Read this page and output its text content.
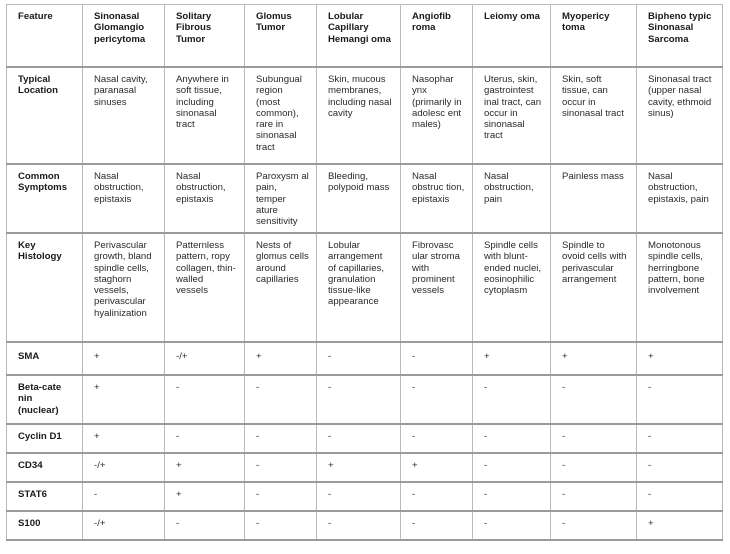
Feature	Sinonasal Glomangio pericytoma	Solitary Fibrous Tumor	Glomus Tumor	Lobular Capillary Hemangi oma	Angiofib roma	Leiomy oma	Myopericy toma	Bipheno typic Sinonasal Sarcoma
Typical Location	Nasal cavity, paranasal sinuses	Anywhere in soft tissue, including sinonasal tract	Subungual region (most common), rare in sinonasal tract	Skin, mucous membranes, including nasal cavity	Nasophar ynx (primarily in adolesc ent males)	Uterus, skin, gastrointest inal tract, can occur in sinonasal tract	Skin, soft tissue, can occur in sinonasal tract	Sinonasal tract (upper nasal cavity, ethmoid sinus)
Common Symptoms	Nasal obstruction, epistaxis	Nasal obstruction, epistaxis	Paroxysm al pain, temper ature sensitivity	Bleeding, polypoid mass	Nasal obstruc tion, epistaxis	Nasal obstruction, pain	Painless mass	Nasal obstruction, epistaxis, pain
Key Histology	Perivascular growth, bland spindle cells, staghorn vessels, perivascular hyalinization	Patternless pattern, ropy collagen, thin-walled vessels	Nests of glomus cells around capillaries	Lobular arrangement of capillaries, granulation tissue-like appearance	Fibrovasc ular stroma with prominent vessels	Spindle cells with blunt-ended nuclei, eosinophilic cytoplasm	Spindle to ovoid cells with perivascular arrangement	Monotonous spindle cells, herringbone pattern, bone involvement
SMA	+	-/+	+	-	-	+	+	+
Beta-cate nin (nuclear)	+	-	-	-	-	-	-	-
Cyclin D1	+	-	-	-	-	-	-	-
CD34	-/+	+	-	+	+	-	-	-
STAT6	-	+	-	-	-	-	-	-
S100	-/+	-	-	-	-	-	-	+
